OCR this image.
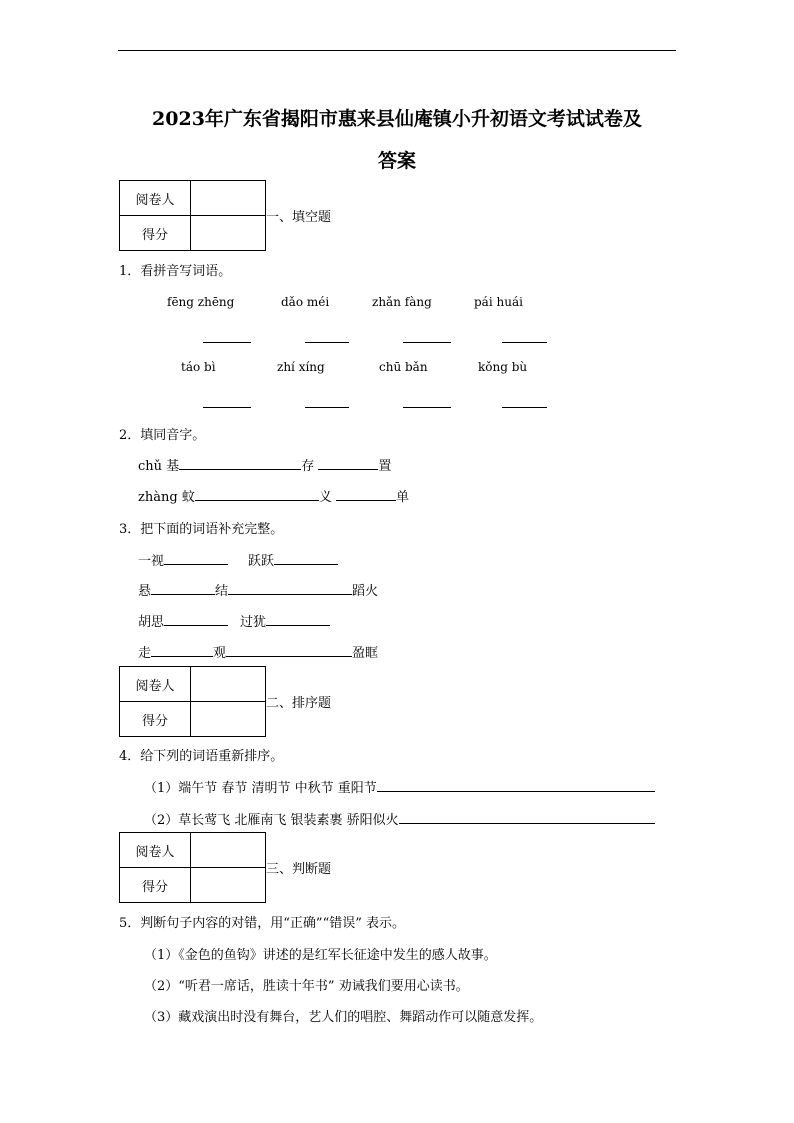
2023年广东省揭阳市惠来县仙庵镇小升初语文考试试卷及
答案
阅卷人	
得分	
一、填空题
1．看拼音写词语。
fēng zhēng	dǎo méi	zhǎn fàng	pái huái
táo bì	zhí xíng	chū bǎn	kǒng bù
2．填同音字。
chǔ 基	存	置
zhàng 蚊	义	单
3．把下面的词语补充完整。
一视	跃跃
悬	结	蹈火
胡思	过犹
走	观	盈眶
阅卷人	
得分	
二、排序题
4．给下列的词语重新排序。
（1）端午节 春节 清明节 中秋节 重阳节
（2）草长莺飞 北雁南飞 银装素裹 骄阳似火
阅卷人	
得分	
三、判断题
5．判断句子内容的对错，用“正确”“错误” 表示。
（1）《金色的鱼钩》讲述的是红军长征途中发生的感人故事。
（2）“听君一席话，胜读十年书” 劝诫我们要用心读书。
（3）藏戏演出时没有舞台，艺人们的唱腔、舞蹈动作可以随意发挥。
